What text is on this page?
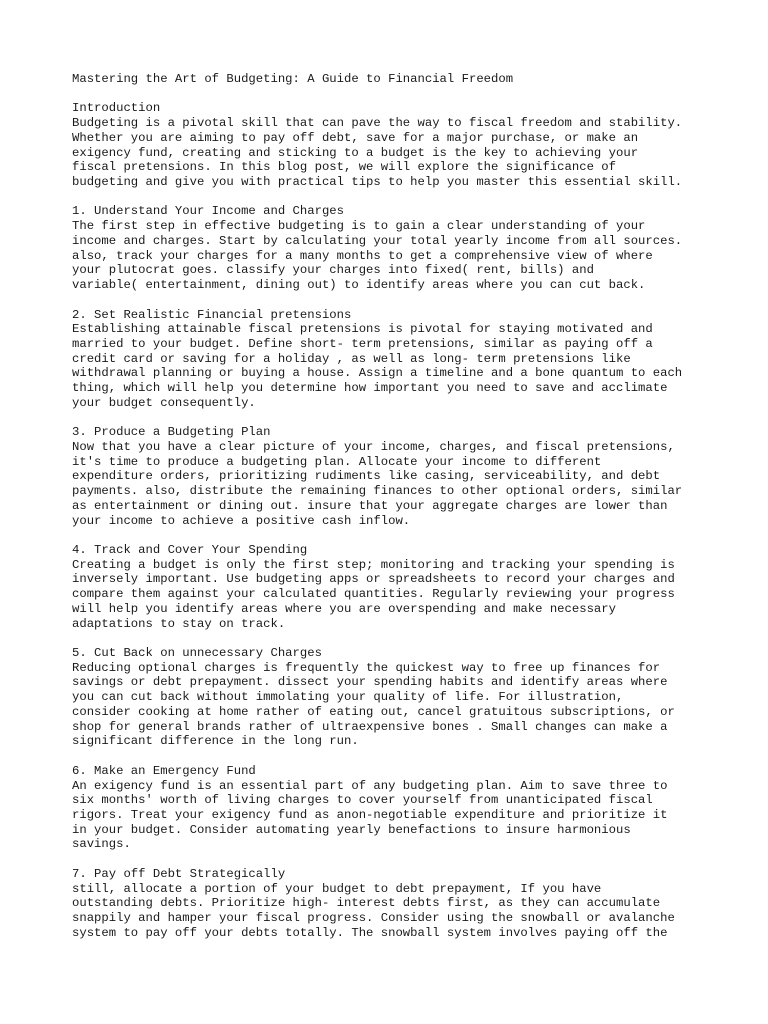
Mastering the Art of Budgeting: A Guide to Financial Freedom
Introduction
Budgeting is a pivotal skill that can pave the way to fiscal freedom and stability.
Whether you are aiming to pay off debt, save for a major purchase, or make an
exigency fund, creating and sticking to a budget is the key to achieving your
fiscal pretensions. In this blog post, we will explore the significance of
budgeting and give you with practical tips to help you master this essential skill.
1. Understand Your Income and Charges
The first step in effective budgeting is to gain a clear understanding of your
income and charges. Start by calculating your total yearly income from all sources.
also, track your charges for a many months to get a comprehensive view of where
your plutocrat goes. classify your charges into fixed( rent, bills) and
variable( entertainment, dining out) to identify areas where you can cut back.
2. Set Realistic Financial pretensions
Establishing attainable fiscal pretensions is pivotal for staying motivated and
married to your budget. Define short- term pretensions, similar as paying off a
credit card or saving for a holiday , as well as long- term pretensions like
withdrawal planning or buying a house. Assign a timeline and a bone quantum to each
thing, which will help you determine how important you need to save and acclimate
your budget consequently.
3. Produce a Budgeting Plan
Now that you have a clear picture of your income, charges, and fiscal pretensions,
it's time to produce a budgeting plan. Allocate your income to different
expenditure orders, prioritizing rudiments like casing, serviceability, and debt
payments. also, distribute the remaining finances to other optional orders, similar
as entertainment or dining out. insure that your aggregate charges are lower than
your income to achieve a positive cash inflow.
4. Track and Cover Your Spending
Creating a budget is only the first step; monitoring and tracking your spending is
inversely important. Use budgeting apps or spreadsheets to record your charges and
compare them against your calculated quantities. Regularly reviewing your progress
will help you identify areas where you are overspending and make necessary
adaptations to stay on track.
5. Cut Back on unnecessary Charges
Reducing optional charges is frequently the quickest way to free up finances for
savings or debt prepayment. dissect your spending habits and identify areas where
you can cut back without immolating your quality of life. For illustration,
consider cooking at home rather of eating out, cancel gratuitous subscriptions, or
shop for general brands rather of ultraexpensive bones . Small changes can make a
significant difference in the long run.
6. Make an Emergency Fund
An exigency fund is an essential part of any budgeting plan. Aim to save three to
six months' worth of living charges to cover yourself from unanticipated fiscal
rigors. Treat your exigency fund as anon-negotiable expenditure and prioritize it
in your budget. Consider automating yearly benefactions to insure harmonious
savings.
7. Pay off Debt Strategically
still, allocate a portion of your budget to debt prepayment, If you have
outstanding debts. Prioritize high- interest debts first, as they can accumulate
snappily and hamper your fiscal progress. Consider using the snowball or avalanche
system to pay off your debts totally. The snowball system involves paying off the
